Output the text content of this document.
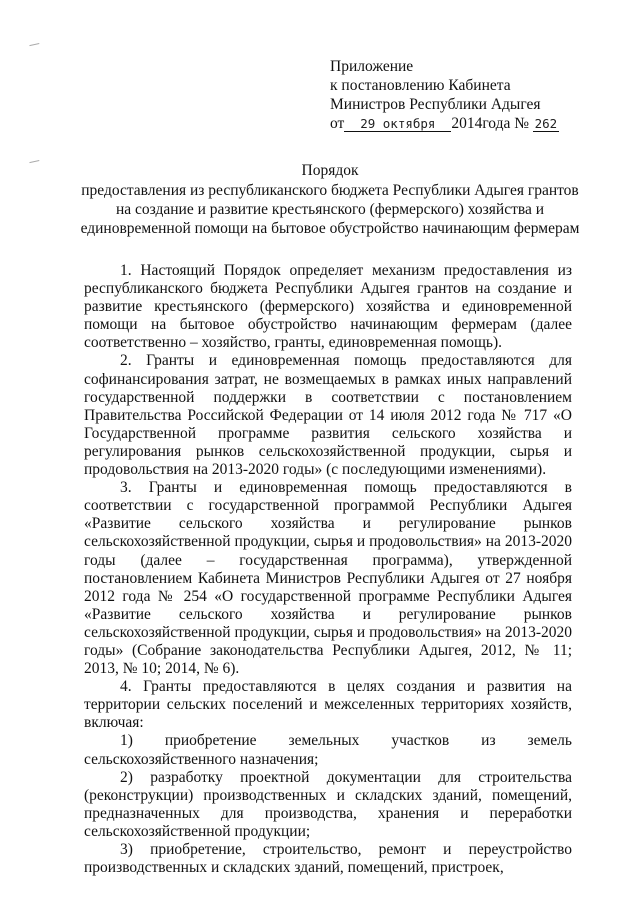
Приложение
к постановлению Кабинета
Министров Республики Адыгея
от 29 октября 2014года № 262
Порядок
предоставления из республиканского бюджета Республики Адыгея грантов
на создание и развитие крестьянского (фермерского) хозяйства и
единовременной помощи на бытовое обустройство начинающим фермерам

1. Настоящий Порядок определяет механизм предоставления из республиканского бюджета Республики Адыгея грантов на создание и развитие крестьянского (фермерского) хозяйства и единовременной помощи на бытовое обустройство начинающим фермерам (далее соответственно – хозяйство, гранты, единовременная помощь).

2. Гранты и единовременная помощь предоставляются для софинансирования затрат, не возмещаемых в рамках иных направлений государственной поддержки в соответствии с постановлением Правительства Российской Федерации от 14 июля 2012 года № 717 «О Государственной программе развития сельского хозяйства и регулирования рынков сельскохозяйственной продукции, сырья и продовольствия на 2013-2020 годы» (с последующими изменениями).

3. Гранты и единовременная помощь предоставляются в соответствии с государственной программой Республики Адыгея «Развитие сельского хозяйства и регулирование рынков сельскохозяйственной продукции, сырья и продовольствия» на 2013-2020 годы (далее – государственная программа), утвержденной постановлением Кабинета Министров Республики Адыгея от 27 ноября 2012 года № 254 «О государственной программе Республики Адыгея «Развитие сельского хозяйства и регулирование рынков сельскохозяйственной продукции, сырья и продовольствия» на 2013-2020 годы» (Собрание законодательства Республики Адыгея, 2012, № 11; 2013, № 10; 2014, № 6).

4. Гранты предоставляются в целях создания и развития на территории сельских поселений и межселенных территориях хозяйств, включая:

1) приобретение земельных участков из земель сельскохозяйственного назначения;

2) разработку проектной документации для строительства (реконструкции) производственных и складских зданий, помещений, предназначенных для производства, хранения и переработки сельскохозяйственной продукции;

3) приобретение, строительство, ремонт и переустройство производственных и складских зданий, помещений, пристроек,
